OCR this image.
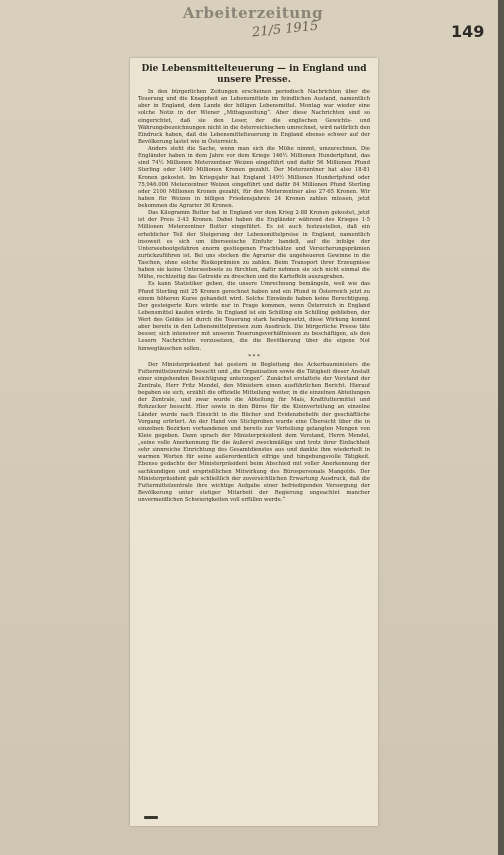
Arbeiterzeitung
21/5 1915	149
Die Lebensmittelteuerung — in England und
unsere Presse.

In den bürgerlichen Zeitungen erscheinen periodisch Nachrichten über die Teuerung und die Knappheit an Lebensmitteln im feindlichen Ausland, namentlich aber in England, dem Lande der billigen Lebensmittel. Montag war wieder eine solche Notiz in der Wiener „Mittagszeitung“. Aber diese Nachrichten sind so eingerichtet, daß sie den Leser, der die englischen Gewichts- und Währungsbezeichnungen nicht in die österreichischen umrechnet, wird natürlich den Eindruck haben, daß die Lebensmittelteuerung in England ebenso schwer auf der Bevölkerung lastet wie in Österreich.

Anders steht die Sache, wenn man sich die Mühe nimmt, umzurechnen. Die Engländer haben in dem Jahre vor dem Kriege 146½ Millionen Hundertpfund, das sind 74½ Millionen Meterzentner Weizen eingeführt und dafür 56 Millionen Pfund Sterling oder 1400 Millionen Kronen gezahlt. Der Meterzentner hat also 18·81 Kronen gekostet. Im Kriegsjahr hat England 149½ Millionen Hundertpfund oder 75,946.000 Meterzentner Weizen eingeführt und dafür 84 Millionen Pfund Sterling oder 2100 Millionen Kronen gezahlt, für den Meterzentner also 27·65 Kronen. Wir haben für Weizen in billigen Friedensjahren 24 Kronen zahlen müssen, jetzt bekommen die Agrarier 36 Kronen.

Das Kilogramm Butter hat in England vor dem Krieg 2·88 Kronen gekostet, jetzt ist der Preis 3·43 Kronen. Dabei haben die Engländer während des Krieges 1·5 Millionen Meterzentner Butter eingeführt. Es ist auch festzustellen, daß ein erheblicher Teil der Steigerung der Lebensmittelpreise in England, namentlich insoweit es sich um überseeische Einfuhr handelt, auf die infolge der Unterseebootgefahren enorm gestiegenen Frachtsätze und Versicherungsprämien zurückzuführen ist. Bei uns stecken die Agrarier die ungeheueren Gewinne in die Taschen, ohne solche Risikoprämien zu zahlen. Beim Transport ihrer Erzeugnisse haben sie keine Unterseeboote zu fürchten, dafür nehmen sie sich nicht einmal die Mühe, rechtzeitig das Getreide zu dreschen und die Kartoffeln auszugraben.

Es kann Statistiker geben, die unsere Umrechnung bemängeln, weil wie das Pfund Sterling mit 25 Kronen gerechnet haben und ein Pfund in Österreich jetzt zu einem höheren Kurse gehandelt wird. Solche Einwände haben keine Berechtigung. Der gesteigerte Kurs würde nur in Frage kommen, wenn Österreich in England Lebensmittel kaufen würde. In England ist ein Schilling ein Schilling geblieben, der Wert des Geldes ist durch die Teuerung stark herabgesetzt, diese Wirkung kommt aber bereits in den Lebensmittelpreisen zum Ausdruck. Die bürgerliche Presse täte besser, sich intensiver mit unseren Teuerungsverhältnissen zu beschäftigen, als den Lesern Nachrichten vorzusetzen, die die Bevölkerung über die eigene Not hinwegtäuschen sollen.

* * *

Der Ministerpräsident hat gestern in Begleitung des Ackerbauministers die Futtermittelzentrale besucht und „die Organisation sowie die Tätigkeit dieser Anstalt einer eingehenden Besichtigung unterzogen“. Zunächst erstattete der Vorstand der Zentrale, Herr Fritz Mendel, den Ministern einen ausführlichen Bericht. Hierauf begaben sie sich, erzählt die offizielle Mitteilung weiter, in die einzelnen Abteilungen der Zentrale, und zwar wurde die Abteilung für Mais, Kraftfuttermittel und Rohzucker besucht. Hier sowie in den Büros für die Kleinverteilung an einzelne Länder wurde nach Einsicht in die Bücher und Evidenzbehelfe der geschäftliche Vorgang erörtert. An der Hand von Stichproben wurde eine Übersicht über die in einzelnen Bezirken vorhandenen und bereits zur Verteilung gelangten Mengen von Kleie gegeben. Dann sprach der Ministerpräsident dem Vorstand, Herrn Mendel, „seine volle Anerkennung für die äußerst zweckmäßige und trotz ihrer Einfachheit sehr sinnreiche Einrichtung des Gesamtdienstes aus und dankte ihm wiederholt in warmen Worten für seine außerordentlich eifrige und hingebungsvolle Tätigkeit. Ebenso gedachte der Ministerpräsident beim Abschied mit voller Anerkennung der sachkundigen und ersprießlichen Mitwirkung des Bürospersonals Mangolds. Der Ministerpräsident gab schließlich der zuversichtlichen Erwartung Ausdruck, daß die Futtermittelzentrale ihre wichtige Aufgabe einer befriedigenden Versorgung der Bevölkerung unter stetiger Mitarbeit der Regierung ungeachtet mancher unvermeidlichen Schwierigkeiten voll erfüllen werde.“
